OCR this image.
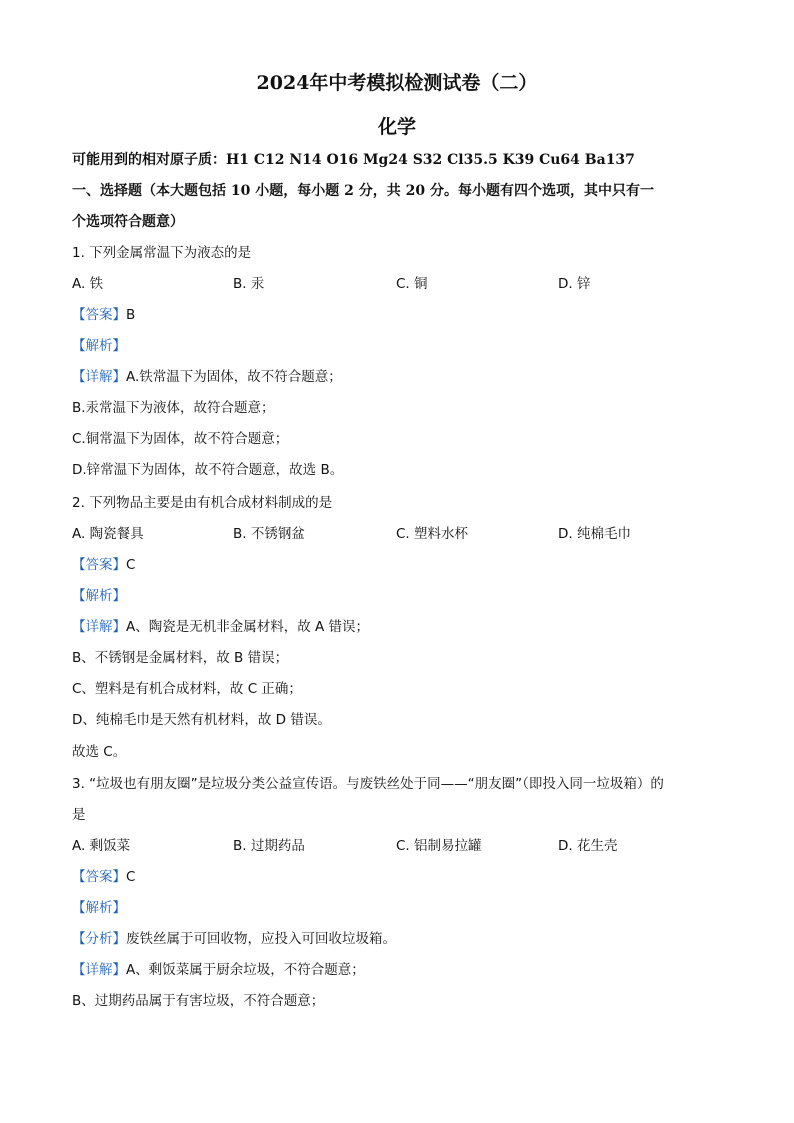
2024年中考模拟检测试卷（二）
化学
可能用到的相对原子质：H1 C12 N14 O16 Mg24 S32 Cl35.5 K39 Cu64 Ba137
一、选择题（本大题包括 10 小题，每小题 2 分，共 20 分。每小题有四个选项，其中只有一
个选项符合题意）
1. 下列金属常温下为液态的是
A. 铁	B. 汞	C. 铜	D. 锌
【答案】B
【解析】
【详解】A.铁常温下为固体，故不符合题意；
B.汞常温下为液体，故符合题意；
C.铜常温下为固体，故不符合题意；
D.锌常温下为固体，故不符合题意，故选 B。
2. 下列物品主要是由有机合成材料制成的是
A. 陶瓷餐具	B. 不锈钢盆	C. 塑料水杯	D. 纯棉毛巾
【答案】C
【解析】
【详解】A、陶瓷是无机非金属材料，故 A 错误；
B、不锈钢是金属材料，故 B 错误；
C、塑料是有机合成材料，故 C 正确；
D、纯棉毛巾是天然有机材料，故 D 错误。
故选 C。
3. “垃圾也有朋友圈”是垃圾分类公益宣传语。与废铁丝处于同——“朋友圈”（即投入同一垃圾箱）的
是
A. 剩饭菜	B. 过期药品	C. 铝制易拉罐	D. 花生壳
【答案】C
【解析】
【分析】废铁丝属于可回收物，应投入可回收垃圾箱。
【详解】A、剩饭菜属于厨余垃圾，不符合题意；
B、过期药品属于有害垃圾，不符合题意；
